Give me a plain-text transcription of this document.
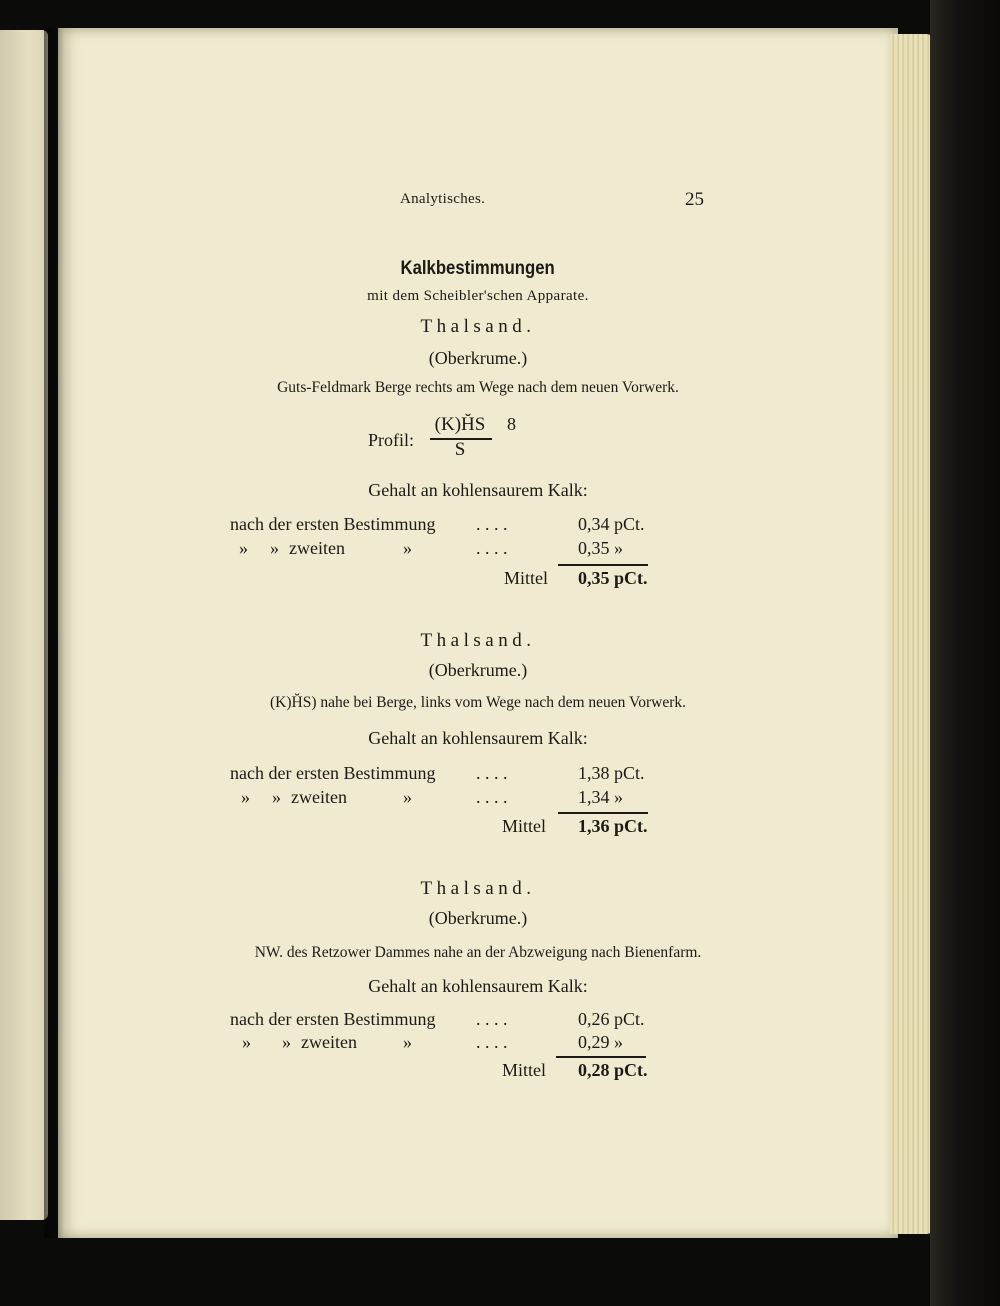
Analytisches.	25
Kalkbestimmungen
mit dem Scheibler'schen Apparate.
Thalsand.
(Oberkrume.)
Guts-Feldmark Berge rechts am Wege nach dem neuen Vorwerk.
Profil:
(K)H̆S
S
8
Gehalt an kohlensaurem Kalk:
nach der ersten Bestimmung . . . .	0,34 pCt.
» » zweiten	»	. . . .	0,35 »
Mittel 0,35 pCt.
Thalsand.
(Oberkrume.)
(K)H̆S) nahe bei Berge, links vom Wege nach dem neuen Vorwerk.
Gehalt an kohlensaurem Kalk:
nach der ersten Bestimmung . . . .	1,38 pCt.
» » zweiten	»	. . . .	1,34 »
Mittel 1,36 pCt.
Thalsand.
(Oberkrume.)
NW. des Retzower Dammes nahe an der Abzweigung nach Bienenfarm.
Gehalt an kohlensaurem Kalk:
nach der ersten Bestimmung . . . .	0,26 pCt.
» » zweiten	»	. . . .	0,29 »
Mittel 0,28 pCt.
